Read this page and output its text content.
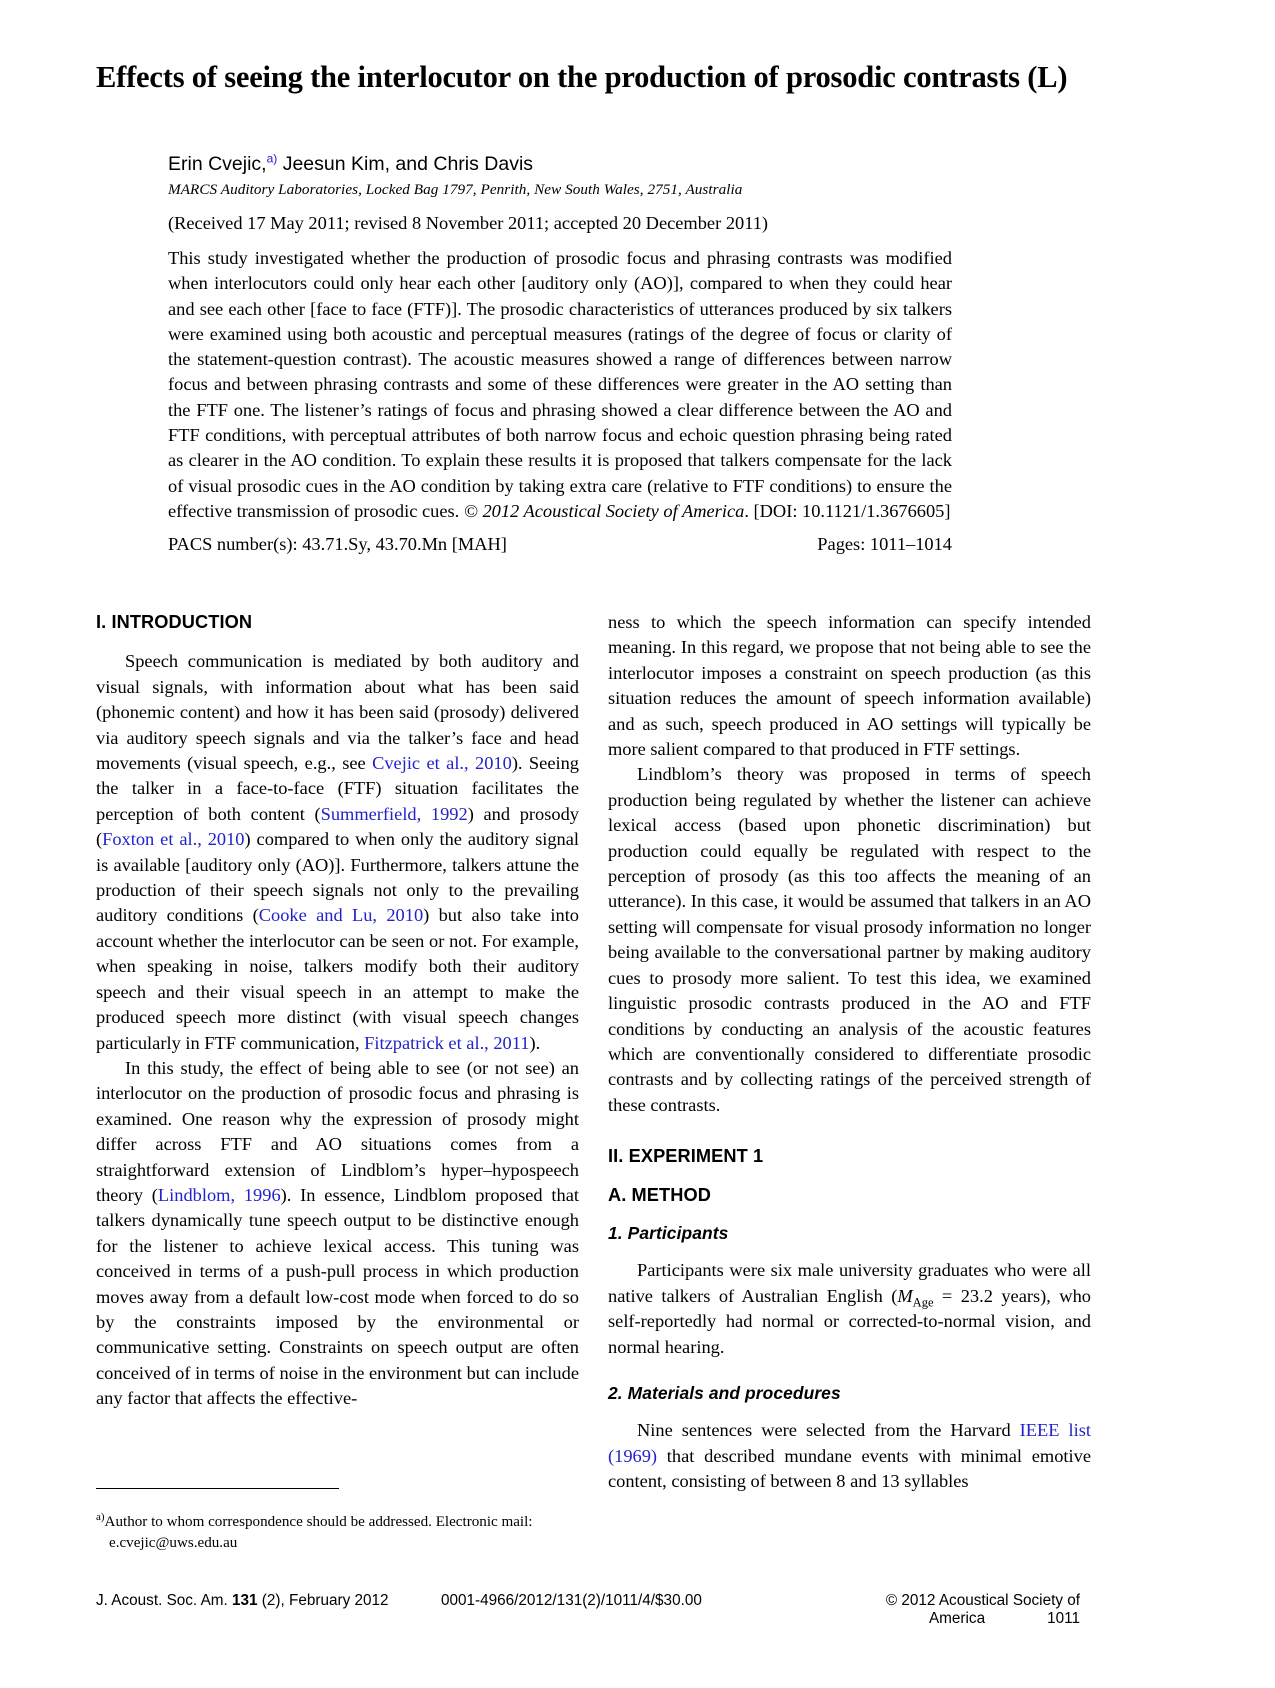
Effects of seeing the interlocutor on the production of prosodic contrasts (L)

Erin Cvejic,$^{a)}$ Jeesun Kim, and Chris Davis

MARCS Auditory Laboratories, Locked Bag 1797, Penrith, New South Wales, 2751, Australia

(Received 17 May 2011; revised 8 November 2011; accepted 20 December 2011)
This study investigated whether the production of prosodic focus and phrasing contrasts was modified when interlocutors could only hear each other [auditory only (AO)], compared to when they could hear and see each other [face to face (FTF)]. The prosodic characteristics of utterances produced by six talkers were examined using both acoustic and perceptual measures (ratings of the degree of focus or clarity of the statement-question contrast). The acoustic measures showed a range of differences between narrow focus and between phrasing contrasts and some of these differences were greater in the AO setting than the FTF one. The listener’s ratings of focus and phrasing showed a clear difference between the AO and FTF conditions, with perceptual attributes of both narrow focus and echoic question phrasing being rated as clearer in the AO condition. To explain these results it is proposed that talkers compensate for the lack of visual prosodic cues in the AO condition by taking extra care (relative to FTF conditions) to ensure the effective transmission of prosodic cues. © 2012 Acoustical Society of America. [DOI: 10.1121/1.3676605]
PACS number(s): 43.71.Sy, 43.70.Mn [MAH]	Pages: 1011–1014
I. INTRODUCTION

Speech communication is mediated by both auditory and visual signals, with information about what has been said (phonemic content) and how it has been said (prosody) delivered via auditory speech signals and via the talker’s face and head movements (visual speech, e.g., see Cvejic et al., 2010). Seeing the talker in a face-to-face (FTF) situation facilitates the perception of both content (Summerfield, 1992) and prosody (Foxton et al., 2010) compared to when only the auditory signal is available [auditory only (AO)]. Furthermore, talkers attune the production of their speech signals not only to the prevailing auditory conditions (Cooke and Lu, 2010) but also take into account whether the interlocutor can be seen or not. For example, when speaking in noise, talkers modify both their auditory speech and their visual speech in an attempt to make the produced speech more distinct (with visual speech changes particularly in FTF communication, Fitzpatrick et al., 2011).

In this study, the effect of being able to see (or not see) an interlocutor on the production of prosodic focus and phrasing is examined. One reason why the expression of prosody might differ across FTF and AO situations comes from a straightforward extension of Lindblom’s hyper–hypospeech theory (Lindblom, 1996). In essence, Lindblom proposed that talkers dynamically tune speech output to be distinctive enough for the listener to achieve lexical access. This tuning was conceived in terms of a push-pull process in which production moves away from a default low-cost mode when forced to do so by the constraints imposed by the environmental or communicative setting. Constraints on speech output are often conceived of in terms of noise in the environment but can include any factor that affects the effective-

ness to which the speech information can specify intended meaning. In this regard, we propose that not being able to see the interlocutor imposes a constraint on speech production (as this situation reduces the amount of speech information available) and as such, speech produced in AO settings will typically be more salient compared to that produced in FTF settings.

Lindblom’s theory was proposed in terms of speech production being regulated by whether the listener can achieve lexical access (based upon phonetic discrimination) but production could equally be regulated with respect to the perception of prosody (as this too affects the meaning of an utterance). In this case, it would be assumed that talkers in an AO setting will compensate for visual prosody information no longer being available to the conversational partner by making auditory cues to prosody more salient. To test this idea, we examined linguistic prosodic contrasts produced in the AO and FTF conditions by conducting an analysis of the acoustic features which are conventionally considered to differentiate prosodic contrasts and by collecting ratings of the perceived strength of these contrasts.

II. EXPERIMENT 1
A. METHOD
1. Participants

Participants were six male university graduates who were all native talkers of Australian English ($M_{Age} = 23.2$ years), who self-reportedly had normal or corrected-to-normal vision, and normal hearing.

2. Materials and procedures

Nine sentences were selected from the Harvard IEEE list (1969) that described mundane events with minimal emotive content, consisting of between 8 and 13 syllables

$^{a)}$Author to whom correspondence should be addressed. Electronic mail:
e.cvejic@uws.edu.au
J. Acoust. Soc. Am. 131 (2), February 2012	0001-4966/2012/131(2)/1011/4/$30.00	© 2012 Acoustical Society of America	1011
